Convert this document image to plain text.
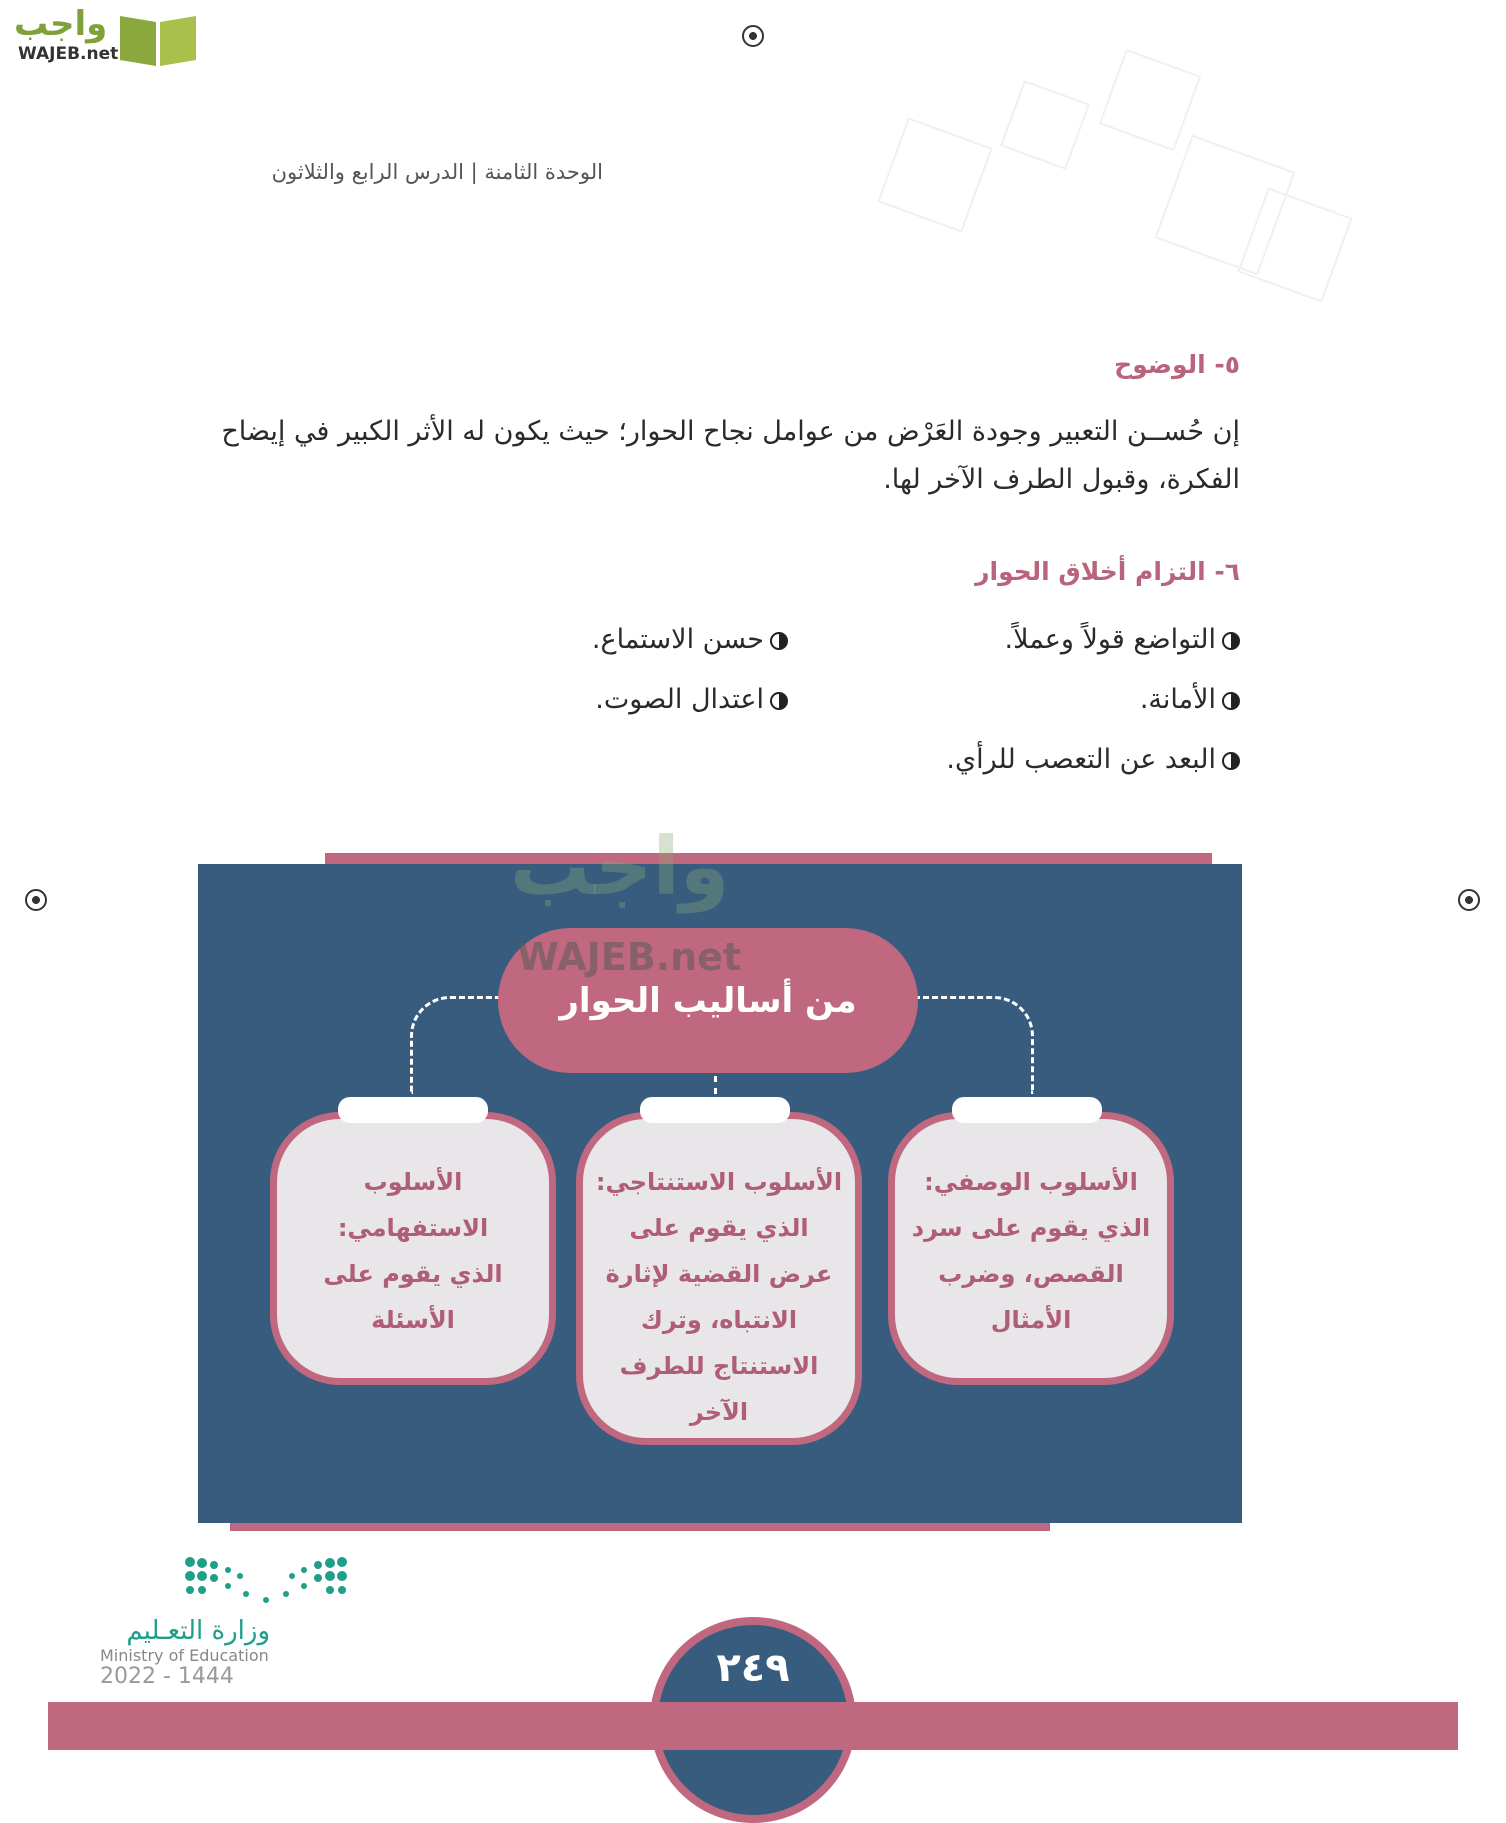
واجب
WAJEB.net
الوحدة الثامنة | الدرس الرابع والثلاثون
٥- الوضوح
إن حُســن التعبير وجودة العَرْض من عوامل نجاح الحوار؛ حيث يكون له الأثر الكبير في إيضاح الفكرة، وقبول الطرف الآخر لها.
٦- التزام أخلاق الحوار
التواضع قولاً وعملاً.
حسن الاستماع.
الأمانة.
اعتدال الصوت.
البعد عن التعصب للرأي.
واجب
من أساليب الحوار
WAJEB.net
الأسلوب الوصفي:
الذي يقوم على سرد القصص، وضرب الأمثال
الأسلوب الاستنتاجي:
الذي يقوم على عرض القضية لإثارة الانتباه، وترك الاستنتاج للطرف الآخر
الأسلوب الاستفهامي:
الذي يقوم على الأسئلة
٢٤٩
وزارة التعـليم
Ministry of Education
2022 - 1444
